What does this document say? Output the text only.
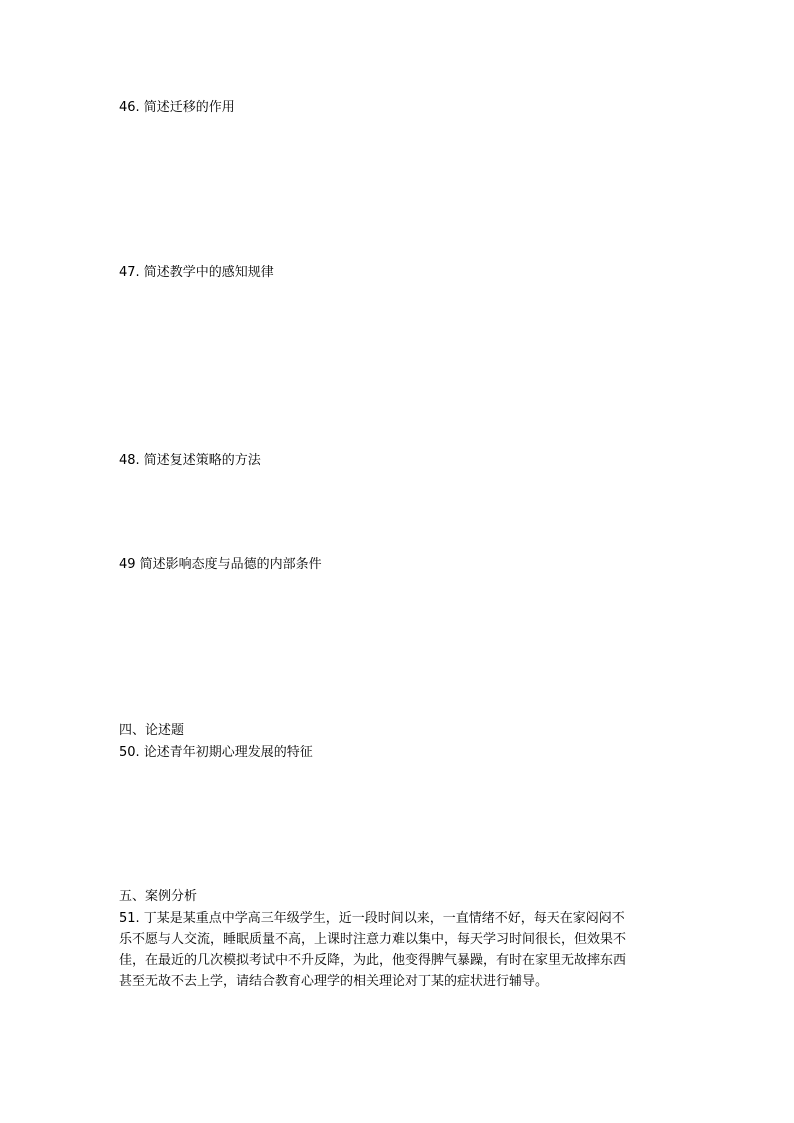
46. 简述迁移的作用
47. 简述教学中的感知规律
48. 简述复述策略的方法
49 简述影响态度与品德的内部条件
四、论述题
50. 论述青年初期心理发展的特征
五、案例分析
51. 丁某是某重点中学高三年级学生，近一段时间以来，一直情绪不好，每天在家闷闷不
乐不愿与人交流，睡眠质量不高，上课时注意力难以集中，每天学习时间很长，但效果不
佳，在最近的几次模拟考试中不升反降，为此，他变得脾气暴躁，有时在家里无故摔东西
甚至无故不去上学，请结合教育心理学的相关理论对丁某的症状进行辅导。
